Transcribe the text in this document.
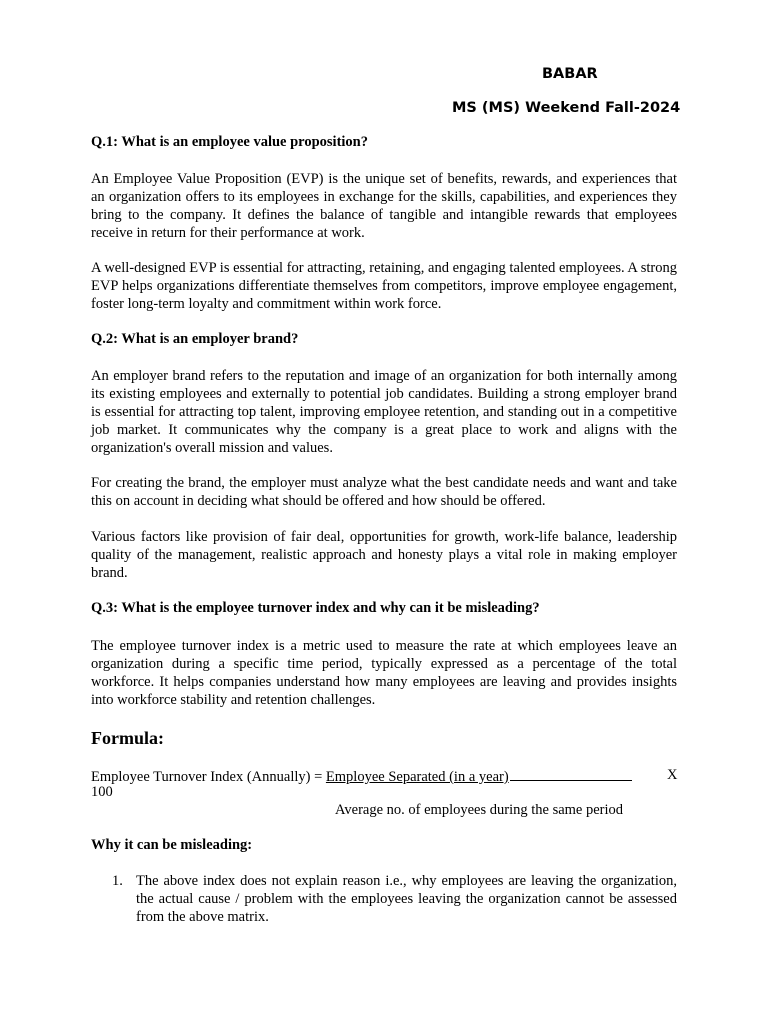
BABAR
MS (MS) Weekend Fall-2024

Q.1: What is an employee value proposition?

An Employee Value Proposition (EVP) is the unique set of benefits, rewards, and experiences that an organization offers to its employees in exchange for the skills, capabilities, and experiences they bring to the company. It defines the balance of tangible and intangible rewards that employees receive in return for their performance at work.

A well-designed EVP is essential for attracting, retaining, and engaging talented employees. A strong EVP helps organizations differentiate themselves from competitors, improve employee engagement, foster long-term loyalty and commitment within work force.

Q.2: What is an employer brand?

An employer brand refers to the reputation and image of an organization for both internally among its existing employees and externally to potential job candidates. Building a strong employer brand is essential for attracting top talent, improving employee retention, and standing out in a competitive job market. It communicates why the company is a great place to work and aligns with the organization's overall mission and values.

For creating the brand, the employer must analyze what the best candidate needs and want and take this on account in deciding what should be offered and how should be offered.

Various factors like provision of fair deal, opportunities for growth, work-life balance, leadership quality of the management, realistic approach and honesty plays a vital role in making employer brand.

Q.3: What is the employee turnover index and why can it be misleading?

The employee turnover index is a metric used to measure the rate at which employees leave an organization during a specific time period, typically expressed as a percentage of the total workforce. It helps companies understand how many employees are leaving and provides insights into workforce stability and retention challenges.

Formula:
Employee Turnover Index (Annually) = Employee Separated (in a year)	X
100
Average no. of employees during the same period

Why it can be misleading:

1. The above index does not explain reason i.e., why employees are leaving the organization, the actual cause / problem with the employees leaving the organization cannot be assessed from the above matrix.
